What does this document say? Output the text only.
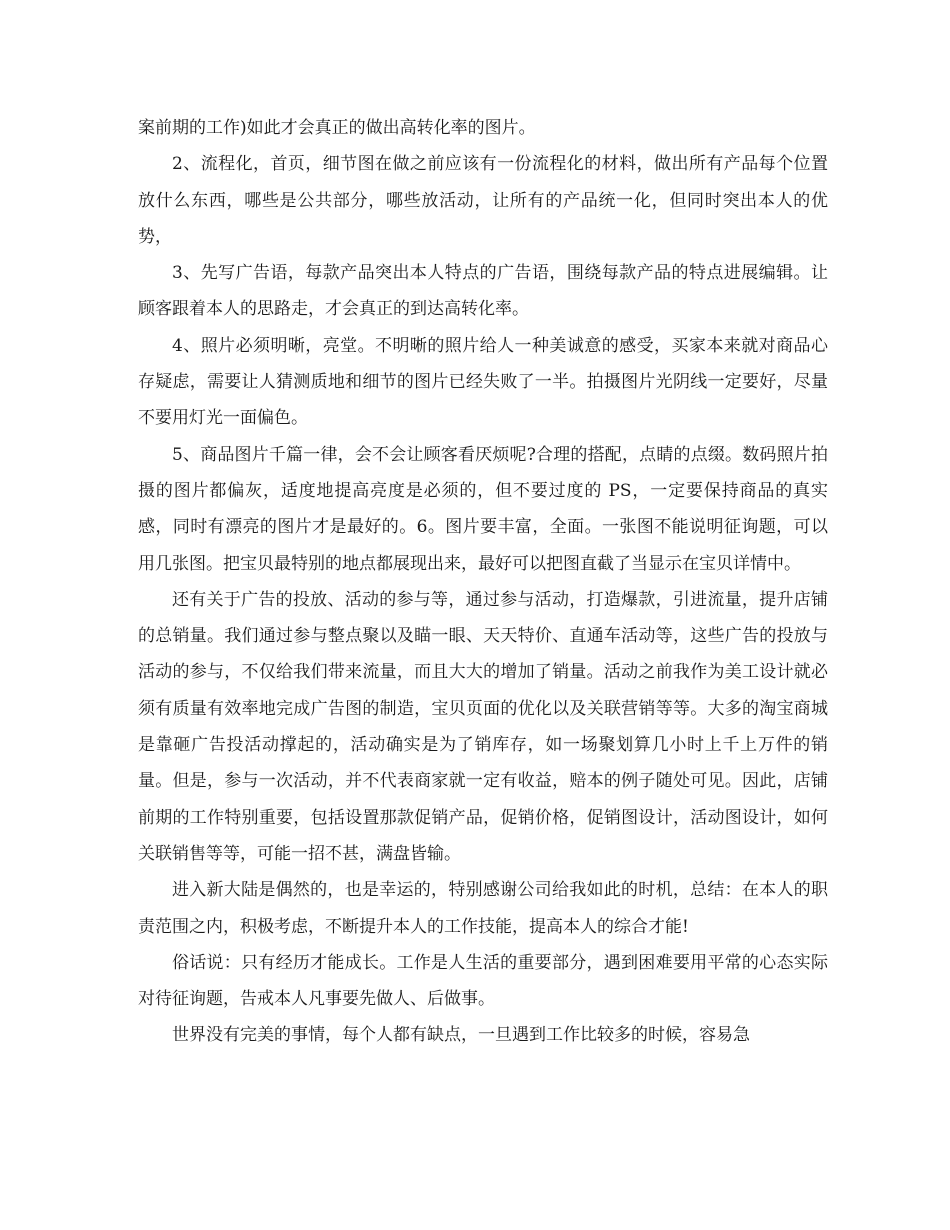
案前期的工作)如此才会真正的做出高转化率的图片。

2、流程化，首页，细节图在做之前应该有一份流程化的材料，做出所有产品每个位置放什么东西，哪些是公共部分，哪些放活动，让所有的产品统一化，但同时突出本人的优势，

3、先写广告语，每款产品突出本人特点的广告语，围绕每款产品的特点进展编辑。让顾客跟着本人的思路走，才会真正的到达高转化率。

4、照片必须明晰，亮堂。不明晰的照片给人一种美诚意的感受，买家本来就对商品心存疑虑，需要让人猜测质地和细节的图片已经失败了一半。拍摄图片光阴线一定要好，尽量不要用灯光一面偏色。

5、商品图片千篇一律，会不会让顾客看厌烦呢?合理的搭配，点睛的点缀。数码照片拍摄的图片都偏灰，适度地提高亮度是必须的，但不要过度的 PS，一定要保持商品的真实感，同时有漂亮的图片才是最好的。6。图片要丰富，全面。一张图不能说明征询题，可以用几张图。把宝贝最特别的地点都展现出来，最好可以把图直截了当显示在宝贝详情中。

还有关于广告的投放、活动的参与等，通过参与活动，打造爆款，引进流量，提升店铺的总销量。我们通过参与整点聚以及瞄一眼、天天特价、直通车活动等，这些广告的投放与活动的参与，不仅给我们带来流量，而且大大的增加了销量。活动之前我作为美工设计就必须有质量有效率地完成广告图的制造，宝贝页面的优化以及关联营销等等。大多的淘宝商城是靠砸广告投活动撑起的，活动确实是为了销库存，如一场聚划算几小时上千上万件的销量。但是，参与一次活动，并不代表商家就一定有收益，赔本的例子随处可见。因此，店铺前期的工作特别重要，包括设置那款促销产品，促销价格，促销图设计，活动图设计，如何关联销售等等，可能一招不甚，满盘皆输。

进入新大陆是偶然的，也是幸运的，特别感谢公司给我如此的时机，总结：在本人的职责范围之内，积极考虑，不断提升本人的工作技能，提高本人的综合才能!

俗话说：只有经历才能成长。工作是人生活的重要部分，遇到困难要用平常的心态实际对待征询题，告戒本人凡事要先做人、后做事。

世界没有完美的事情，每个人都有缺点，一旦遇到工作比较多的时候，容易急
